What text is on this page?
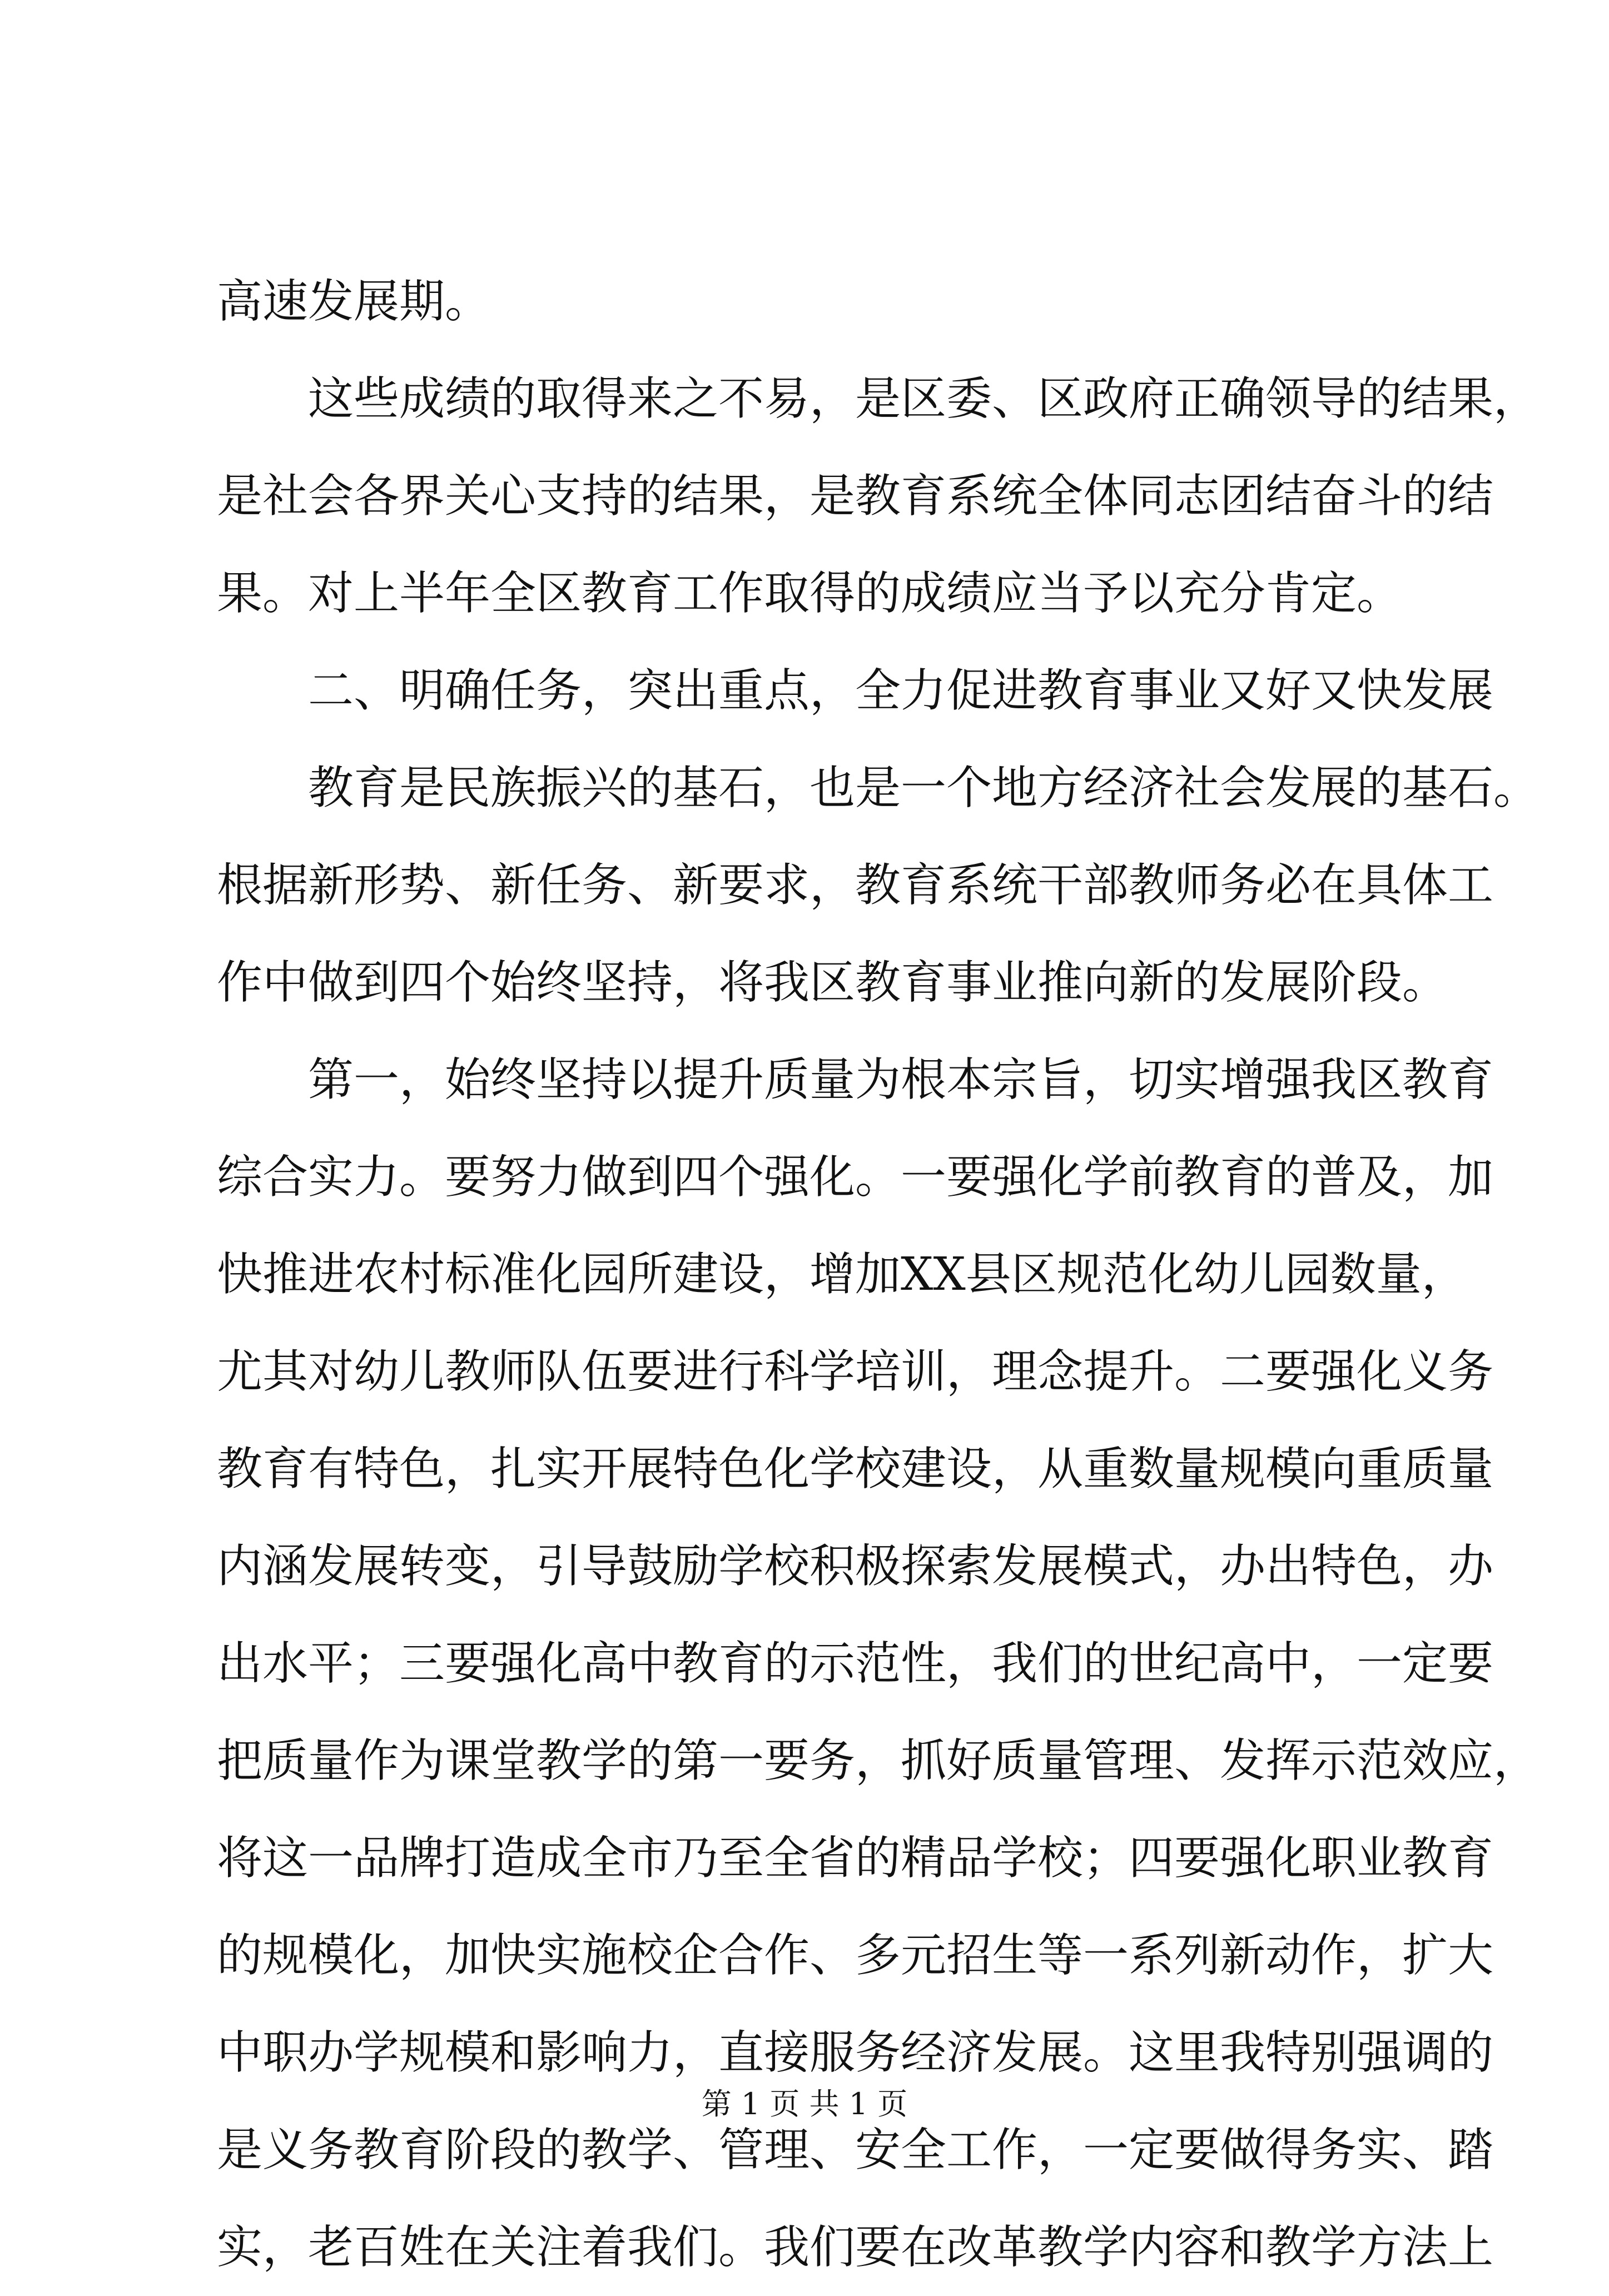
高速发展期。
这些成绩的取得来之不易，是区委、区政府正确领导的结果，
是社会各界关心支持的结果，是教育系统全体同志团结奋斗的结
果。对上半年全区教育工作取得的成绩应当予以充分肯定。
二、明确任务，突出重点，全力促进教育事业又好又快发展
教育是民族振兴的基石，也是一个地方经济社会发展的基石。
根据新形势、新任务、新要求，教育系统干部教师务必在具体工
作中做到四个始终坚持，将我区教育事业推向新的发展阶段。
第一，始终坚持以提升质量为根本宗旨，切实增强我区教育
综合实力。要努力做到四个强化。一要强化学前教育的普及，加
快推进农村标准化园所建设，增加XX县区规范化幼儿园数量，
尤其对幼儿教师队伍要进行科学培训，理念提升。二要强化义务
教育有特色，扎实开展特色化学校建设，从重数量规模向重质量
内涵发展转变，引导鼓励学校积极探索发展模式，办出特色，办
出水平；三要强化高中教育的示范性，我们的世纪高中，一定要
把质量作为课堂教学的第一要务，抓好质量管理、发挥示范效应，
将这一品牌打造成全市乃至全省的精品学校；四要强化职业教育
的规模化，加快实施校企合作、多元招生等一系列新动作，扩大
中职办学规模和影响力，直接服务经济发展。这里我特别强调的
是义务教育阶段的教学、管理、安全工作，一定要做得务实、踏
实，老百姓在关注着我们。我们要在改革教学内容和教学方法上
第 1 页 共 1 页
